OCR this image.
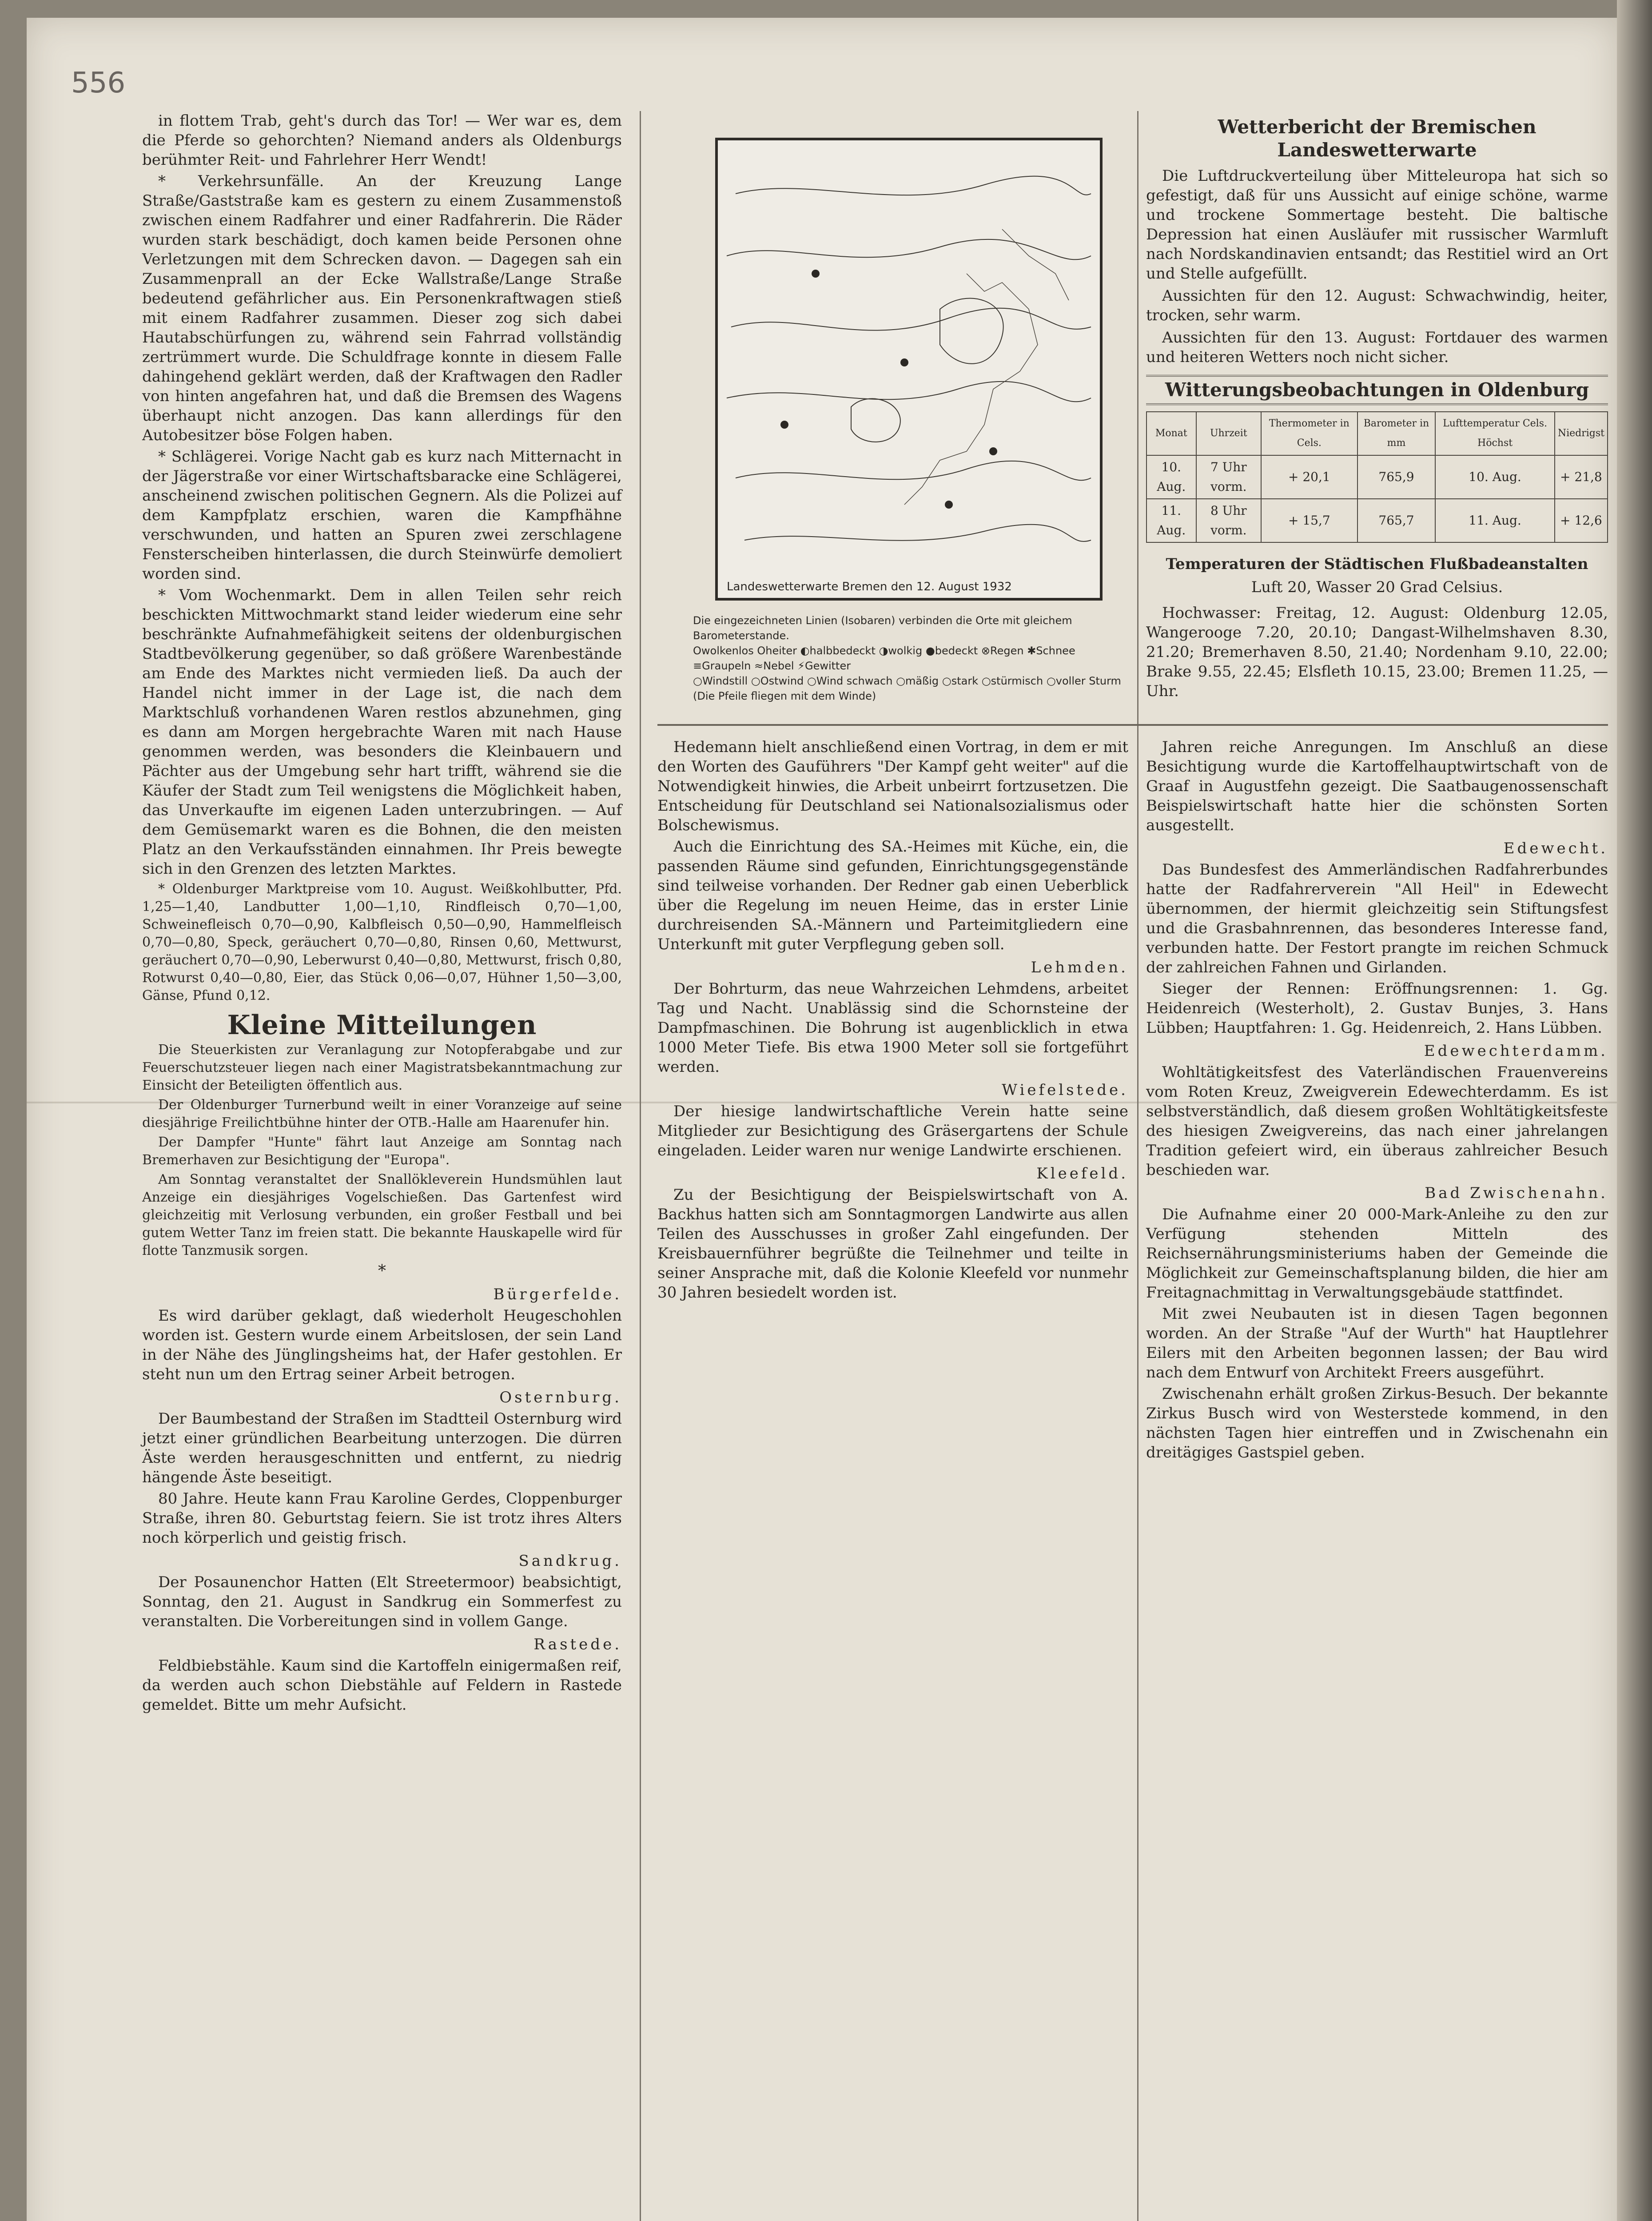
556

in flottem Trab, geht's durch das Tor! — Wer war es, dem die Pferde so gehorchten? Niemand anders als Oldenburgs berühmter Reit- und Fahrlehrer Herr Wendt!

* Verkehrsunfälle. An der Kreuzung Lange Straße/Gaststraße kam es gestern zu einem Zusammenstoß zwischen einem Radfahrer und einer Radfahrerin. Die Räder wurden stark beschädigt, doch kamen beide Personen ohne Verletzungen mit dem Schrecken davon. — Dagegen sah ein Zusammenprall an der Ecke Wallstraße/Lange Straße bedeutend gefährlicher aus. Ein Personenkraftwagen stieß mit einem Radfahrer zusammen. Dieser zog sich dabei Hautabschürfungen zu, während sein Fahrrad vollständig zertrümmert wurde. Die Schuldfrage konnte in diesem Falle dahingehend geklärt werden, daß der Kraftwagen den Radler von hinten angefahren hat, und daß die Bremsen des Wagens überhaupt nicht anzogen. Das kann allerdings für den Autobesitzer böse Folgen haben.

* Schlägerei. Vorige Nacht gab es kurz nach Mitternacht in der Jägerstraße vor einer Wirtschaftsbaracke eine Schlägerei, anscheinend zwischen politischen Gegnern. Als die Polizei auf dem Kampfplatz erschien, waren die Kampfhähne verschwunden, und hatten an Spuren zwei zerschlagene Fensterscheiben hinterlassen, die durch Steinwürfe demoliert worden sind.

* Vom Wochenmarkt. Dem in allen Teilen sehr reich beschickten Mittwochmarkt stand leider wiederum eine sehr beschränkte Aufnahmefähigkeit seitens der oldenburgischen Stadtbevölkerung gegenüber, so daß größere Warenbestände am Ende des Marktes nicht vermieden ließ. Da auch der Handel nicht immer in der Lage ist, die nach dem Marktschluß vorhandenen Waren restlos abzunehmen, ging es dann am Morgen hergebrachte Waren mit nach Hause genommen werden, was besonders die Kleinbauern und Pächter aus der Umgebung sehr hart trifft, während sie die Käufer der Stadt zum Teil wenigstens die Möglichkeit haben, das Unverkaufte im eigenen Laden unterzubringen. — Auf dem Gemüsemarkt waren es die Bohnen, die den meisten Platz an den Verkaufsständen einnahmen. Ihr Preis bewegte sich in den Grenzen des letzten Marktes.

* Oldenburger Marktpreise vom 10. August. Weißkohlbutter, Pfd. 1,25—1,40, Landbutter 1,00—1,10, Rindfleisch 0,70—1,00, Schweinefleisch 0,70—0,90, Kalbfleisch 0,50—0,90, Hammelfleisch 0,70—0,80, Speck, geräuchert 0,70—0,80, Rinsen 0,60, Mettwurst, geräuchert 0,70—0,90, Leberwurst 0,40—0,80, Mettwurst, frisch 0,80, Rotwurst 0,40—0,80, Eier, das Stück 0,06—0,07, Hühner 1,50—3,00, Gänse, Pfund 0,12.

Kleine Mitteilungen

Die Steuerkisten zur Veranlagung zur Notopferabgabe und zur Feuerschutzsteuer liegen nach einer Magistratsbekanntmachung zur Einsicht der Beteiligten öffentlich aus.

Der Oldenburger Turnerbund weilt in einer Voranzeige auf seine diesjährige Freilichtbühne hinter der OTB.-Halle am Haarenufer hin.

Der Dampfer "Hunte" fährt laut Anzeige am Sonntag nach Bremerhaven zur Besichtigung der "Europa".

Am Sonntag veranstaltet der Snallökleverein Hundsmühlen laut Anzeige ein diesjähriges Vogelschießen. Das Gartenfest wird gleichzeitig mit Verlosung verbunden, ein großer Festball und bei gutem Wetter Tanz im freien statt. Die bekannte Hauskapelle wird für flotte Tanzmusik sorgen.

*
Bürgerfelde.

Es wird darüber geklagt, daß wiederholt Heugeschohlen worden ist. Gestern wurde einem Arbeitslosen, der sein Land in der Nähe des Jünglingsheims hat, der Hafer gestohlen. Er steht nun um den Ertrag seiner Arbeit betrogen.

Osternburg.

Der Baumbestand der Straßen im Stadtteil Osternburg wird jetzt einer gründlichen Bearbeitung unterzogen. Die dürren Äste werden herausgeschnitten und entfernt, zu niedrig hängende Äste beseitigt.

80 Jahre. Heute kann Frau Karoline Gerdes, Cloppenburger Straße, ihren 80. Geburtstag feiern. Sie ist trotz ihres Alters noch körperlich und geistig frisch.

Sandkrug.

Der Posaunenchor Hatten (Elt Streetermoor) beabsichtigt, Sonntag, den 21. August in Sandkrug ein Sommerfest zu veranstalten. Die Vorbereitungen sind in vollem Gange.

Rastede.

Feldbiebstähle. Kaum sind die Kartoffeln einigermaßen reif, da werden auch schon Diebstähle auf Feldern in Rastede gemeldet. Bitte um mehr Aufsicht.

Landeswetterwarte Bremen den 12. August 1932
Die eingezeichneten Linien (Isobaren) verbinden die Orte mit gleichem Barometerstande.
Owolkenlos Oheiter ◐halbbedeckt ◑wolkig ●bedeckt ⊗Regen ✱Schnee ≡Graupeln ≈Nebel ⚡Gewitter
○Windstill ○Ostwind ○Wind schwach ○mäßig ○stark ○stürmisch ○voller Sturm (Die Pfeile fliegen mit dem Winde)
Wetterbericht der Bremischen Landeswetterwarte

Die Luftdruckverteilung über Mitteleuropa hat sich so gefestigt, daß für uns Aussicht auf einige schöne, warme und trockene Sommertage besteht. Die baltische Depression hat einen Ausläufer mit russischer Warmluft nach Nordskandinavien entsandt; das Restitiel wird an Ort und Stelle aufgefüllt.

Aussichten für den 12. August: Schwachwindig, heiter, trocken, sehr warm.

Aussichten für den 13. August: Fortdauer des warmen und heiteren Wetters noch nicht sicher.

Witterungsbeobachtungen in Oldenburg
Monat	Uhrzeit	Thermometer in Cels.	Barometer in mm	Lufttemperatur Cels. Höchst	Niedrigst
10. Aug.	7 Uhr vorm.	+ 20,1	765,9	10. Aug.	+ 21,8
11. Aug.	8 Uhr vorm.	+ 15,7	765,7	11. Aug.	+ 12,6
Temperaturen der Städtischen Flußbadeanstalten
Luft 20, Wasser 20 Grad Celsius.

Hochwasser: Freitag, 12. August: Oldenburg 12.05, Wangerooge 7.20, 20.10; Dangast-Wilhelmshaven 8.30, 21.20; Bremerhaven 8.50, 21.40; Nordenham 9.10, 22.00; Brake 9.55, 22.45; Elsfleth 10.15, 23.00; Bremen 11.25, — Uhr.

Hedemann hielt anschließend einen Vortrag, in dem er mit den Worten des Gauführers "Der Kampf geht weiter" auf die Notwendigkeit hinwies, die Arbeit unbeirrt fortzusetzen. Die Entscheidung für Deutschland sei Nationalsozialismus oder Bolschewismus.

Auch die Einrichtung des SA.-Heimes mit Küche, ein, die passenden Räume sind gefunden, Einrichtungsgegenstände sind teilweise vorhanden. Der Redner gab einen Ueberblick über die Regelung im neuen Heime, das in erster Linie durchreisenden SA.-Männern und Parteimitgliedern eine Unterkunft mit guter Verpflegung geben soll.

Lehmden.

Der Bohrturm, das neue Wahrzeichen Lehmdens, arbeitet Tag und Nacht. Unablässig sind die Schornsteine der Dampfmaschinen. Die Bohrung ist augenblicklich in etwa 1000 Meter Tiefe. Bis etwa 1900 Meter soll sie fortgeführt werden.

Wiefelstede.

Der hiesige landwirtschaftliche Verein hatte seine Mitglieder zur Besichtigung des Gräsergartens der Schule eingeladen. Leider waren nur wenige Landwirte erschienen.

Kleefeld.

Zu der Besichtigung der Beispielswirtschaft von A. Backhus hatten sich am Sonntagmorgen Landwirte aus allen Teilen des Ausschusses in großer Zahl eingefunden. Der Kreisbauernführer begrüßte die Teilnehmer und teilte in seiner Ansprache mit, daß die Kolonie Kleefeld vor nunmehr 30 Jahren besiedelt worden ist.

Jahren reiche Anregungen. Im Anschluß an diese Besichtigung wurde die Kartoffelhauptwirtschaft von de Graaf in Augustfehn gezeigt. Die Saatbaugenossenschaft Beispielswirtschaft hatte hier die schönsten Sorten ausgestellt.

Edewecht.

Das Bundesfest des Ammerländischen Radfahrerbundes hatte der Radfahrerverein "All Heil" in Edewecht übernommen, der hiermit gleichzeitig sein Stiftungsfest und die Grasbahnrennen, das besonderes Interesse fand, verbunden hatte. Der Festort prangte im reichen Schmuck der zahlreichen Fahnen und Girlanden.

Sieger der Rennen: Eröffnungsrennen: 1. Gg. Heidenreich (Westerholt), 2. Gustav Bunjes, 3. Hans Lübben; Hauptfahren: 1. Gg. Heidenreich, 2. Hans Lübben.

Edewechterdamm.

Wohltätigkeitsfest des Vaterländischen Frauenvereins vom Roten Kreuz, Zweigverein Edewechterdamm. Es ist selbstverständlich, daß diesem großen Wohltätigkeitsfeste des hiesigen Zweigvereins, das nach einer jahrelangen Tradition gefeiert wird, ein überaus zahlreicher Besuch beschieden war.

Bad Zwischenahn.

Die Aufnahme einer 20 000-Mark-Anleihe zu den zur Verfügung stehenden Mitteln des Reichsernährungsministeriums haben der Gemeinde die Möglichkeit zur Gemeinschaftsplanung bilden, die hier am Freitagnachmittag in Verwaltungsgebäude stattfindet.

Mit zwei Neubauten ist in diesen Tagen begonnen worden. An der Straße "Auf der Wurth" hat Hauptlehrer Eilers mit den Arbeiten begonnen lassen; der Bau wird nach dem Entwurf von Architekt Freers ausgeführt.

Zwischenahn erhält großen Zirkus-Besuch. Der bekannte Zirkus Busch wird von Westerstede kommend, in den nächsten Tagen hier eintreffen und in Zwischenahn ein dreitägiges Gastspiel geben.
